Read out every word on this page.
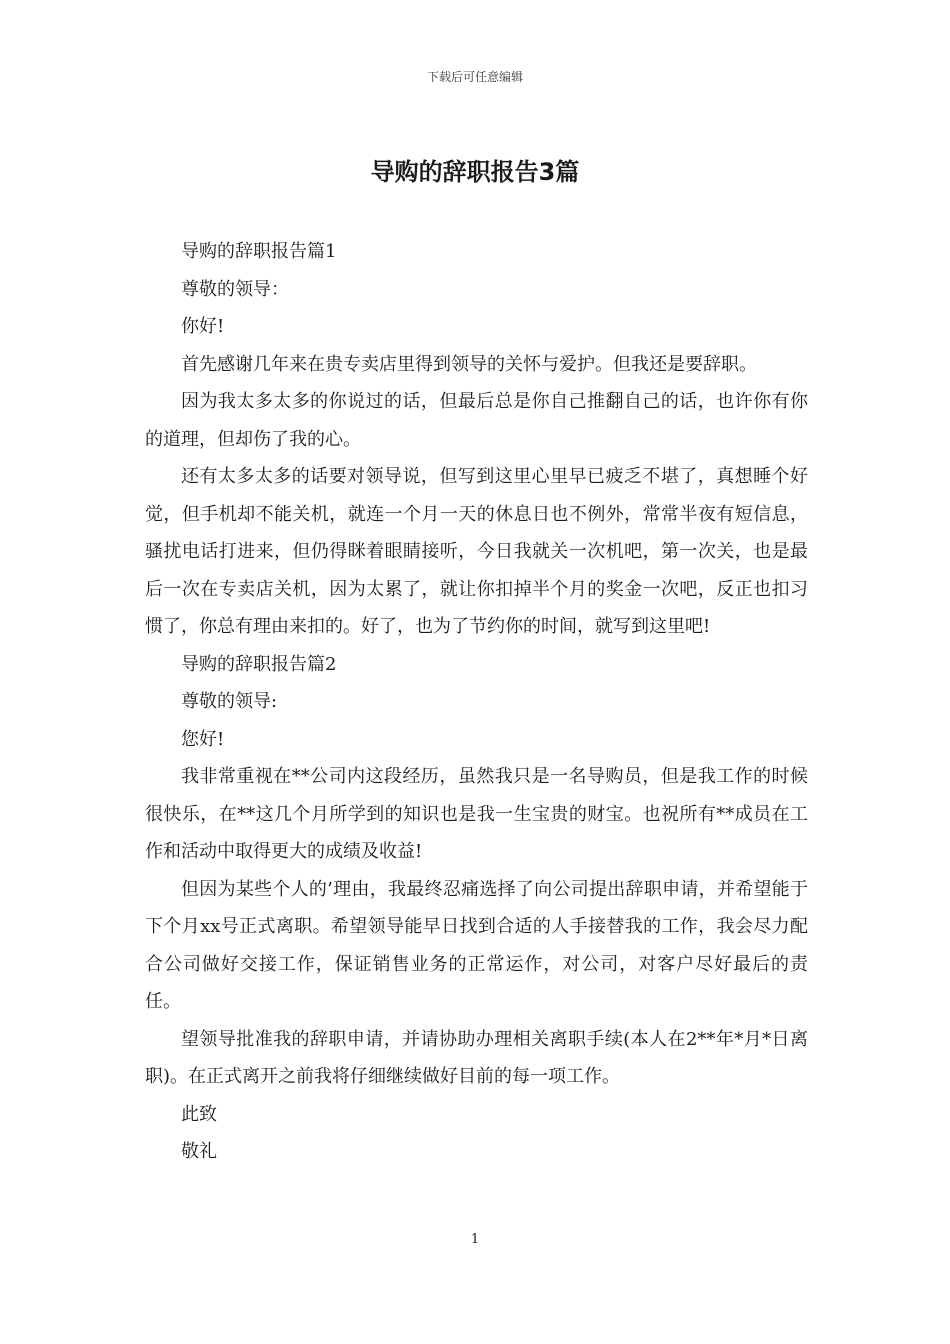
下载后可任意编辑
导购的辞职报告3篇

导购的辞职报告篇1

尊敬的领导：

你好!

首先感谢几年来在贵专卖店里得到领导的关怀与爱护。但我还是要辞职。

因为我太多太多的你说过的话，但最后总是你自己推翻自己的话，也许你有你的道理，但却伤了我的心。

还有太多太多的话要对领导说，但写到这里心里早已疲乏不堪了，真想睡个好觉，但手机却不能关机，就连一个月一天的休息日也不例外，常常半夜有短信息，骚扰电话打进来，但仍得眯着眼睛接听，今日我就关一次机吧，第一次关，也是最后一次在专卖店关机，因为太累了，就让你扣掉半个月的奖金一次吧，反正也扣习惯了，你总有理由来扣的。好了，也为了节约你的时间，就写到这里吧!

导购的辞职报告篇2

尊敬的领导:

您好!

我非常重视在**公司内这段经历，虽然我只是一名导购员，但是我工作的时候很快乐，在**这几个月所学到的知识也是我一生宝贵的财宝。也祝所有**成员在工作和活动中取得更大的成绩及收益!

但因为某些个人的’理由，我最终忍痛选择了向公司提出辞职申请，并希望能于下个月xx号正式离职。希望领导能早日找到合适的人手接替我的工作，我会尽力配合公司做好交接工作，保证销售业务的正常运作，对公司，对客户尽好最后的责任。

望领导批准我的辞职申请，并请协助办理相关离职手续(本人在2**年*月*日离职)。在正式离开之前我将仔细继续做好目前的每一项工作。

此致

敬礼

1
